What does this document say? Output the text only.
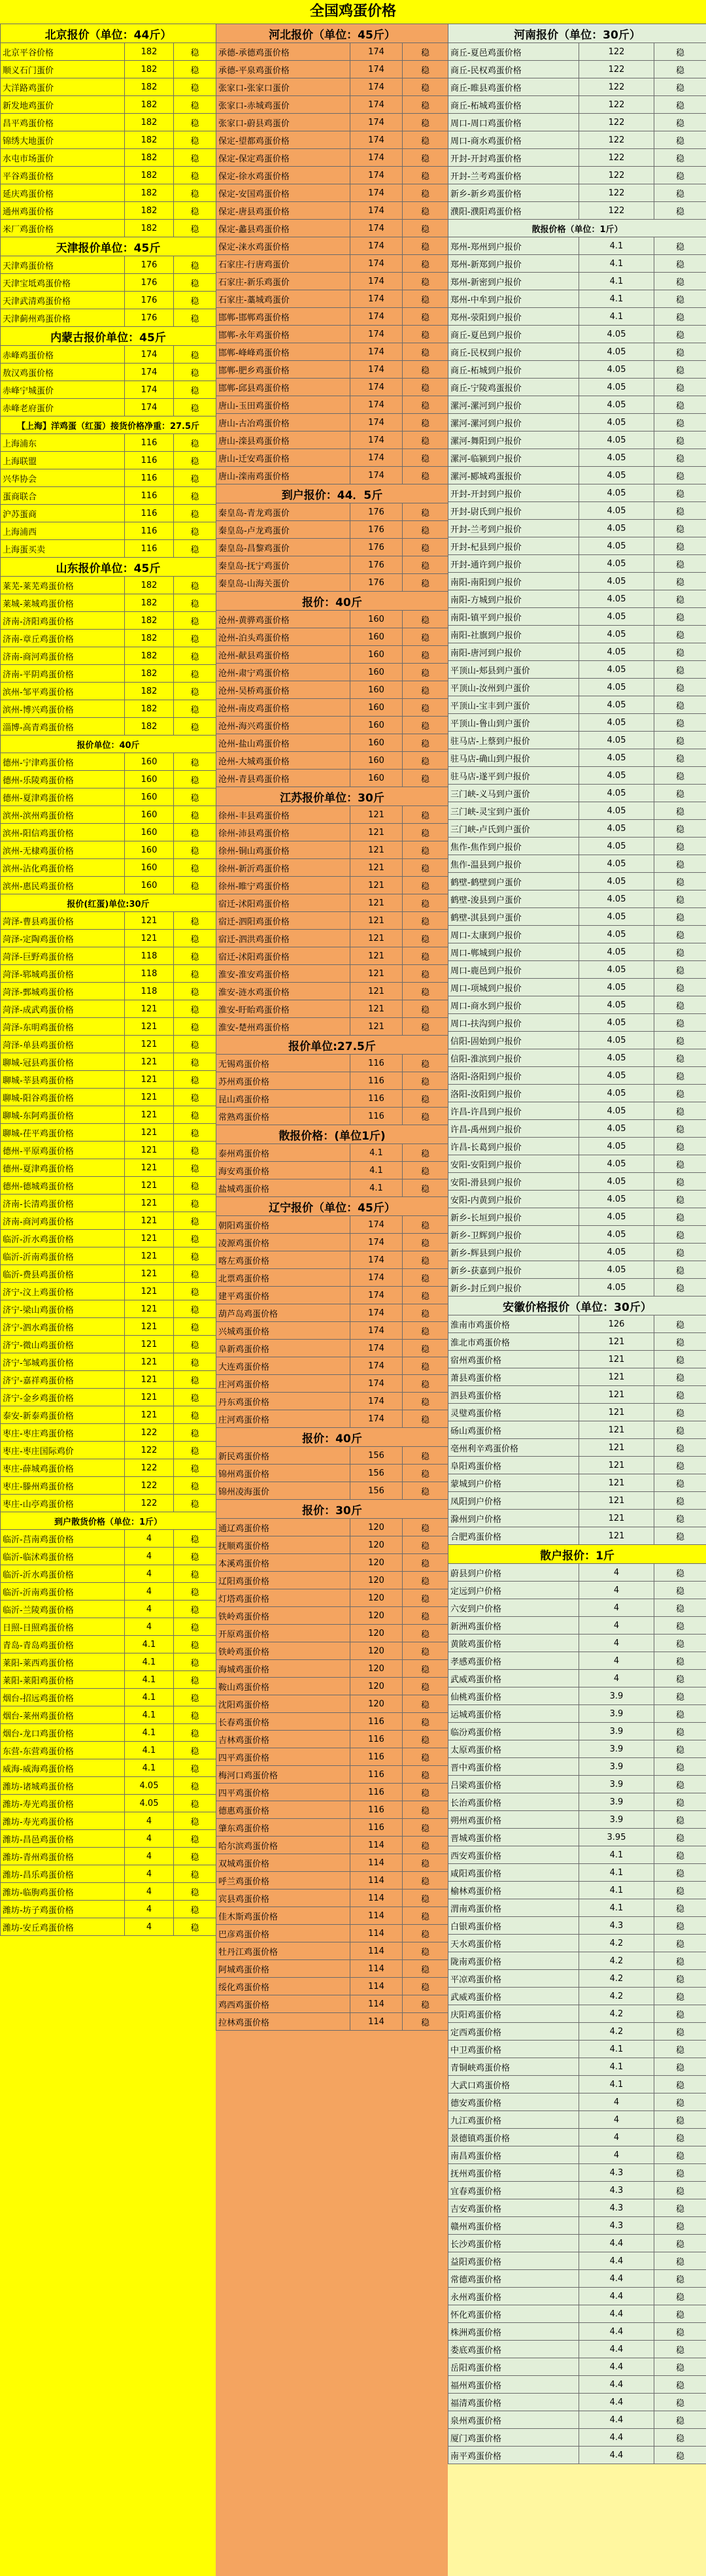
全国鸡蛋价格
北京报价（单位：44斤）		
北京平谷价格	182	稳
顺义石门蛋价	182	稳
大洋路鸡蛋价	182	稳
新发地鸡蛋价	182	稳
昌平鸡蛋价格	182	稳
锦绣大地蛋价	182	稳
水屯市场蛋价	182	稳
平谷鸡蛋价格	182	稳
延庆鸡蛋价格	182	稳
通州鸡蛋价格	182	稳
米厂鸡蛋价格	182	稳
天津报价单位：45斤		
天津鸡蛋价格	176	稳
天津宝坻鸡蛋价格	176	稳
天津武清鸡蛋价格	176	稳
天津蓟州鸡蛋价格	176	稳
内蒙古报价单位：45斤		
赤峰鸡蛋价格	174	稳
敖汉鸡蛋价格	174	稳
赤峰宁城蛋价	174	稳
赤峰老府蛋价	174	稳
【上海】洋鸡蛋（红蛋）接货价格净重：27.5斤		
上海浦东	116	稳
上海联盟	116	稳
兴华协会	116	稳
蛋商联合	116	稳
沪苏蛋商	116	稳
上海浦西	116	稳
上海蛋买卖	116	稳
山东报价单位：45斤		
莱芜-莱芜鸡蛋价格	182	稳
莱城-莱城鸡蛋价格	182	稳
济南-济阳鸡蛋价格	182	稳
济南-章丘鸡蛋价格	182	稳
济南-商河鸡蛋价格	182	稳
济南-平阴鸡蛋价格	182	稳
滨州-邹平鸡蛋价格	182	稳
滨州-博兴鸡蛋价格	182	稳
淄博-高青鸡蛋价格	182	稳
报价单位：40斤		
德州-宁津鸡蛋价格	160	稳
德州-乐陵鸡蛋价格	160	稳
德州-夏津鸡蛋价格	160	稳
滨州-滨州鸡蛋价格	160	稳
滨州-阳信鸡蛋价格	160	稳
滨州-无棣鸡蛋价格	160	稳
滨州-沾化鸡蛋价格	160	稳
滨州-惠民鸡蛋价格	160	稳
报价(红蛋)单位:30斤		
菏泽-曹县鸡蛋价格	121	稳
菏泽-定陶鸡蛋价格	121	稳
菏泽-巨野鸡蛋价格	118	稳
菏泽-郓城鸡蛋价格	118	稳
菏泽-鄄城鸡蛋价格	118	稳
菏泽-成武鸡蛋价格	121	稳
菏泽-东明鸡蛋价格	121	稳
菏泽-单县鸡蛋价格	121	稳
聊城-冠县鸡蛋价格	121	稳
聊城-莘县鸡蛋价格	121	稳
聊城-阳谷鸡蛋价格	121	稳
聊城-东阿鸡蛋价格	121	稳
聊城-茌平鸡蛋价格	121	稳
德州-平原鸡蛋价格	121	稳
德州-夏津鸡蛋价格	121	稳
德州-德城鸡蛋价格	121	稳
济南-长清鸡蛋价格	121	稳
济南-商河鸡蛋价格	121	稳
临沂-沂水鸡蛋价格	121	稳
临沂-沂南鸡蛋价格	121	稳
临沂-费县鸡蛋价格	121	稳
济宁-汶上鸡蛋价格	121	稳
济宁-梁山鸡蛋价格	121	稳
济宁-泗水鸡蛋价格	121	稳
济宁-微山鸡蛋价格	121	稳
济宁-邹城鸡蛋价格	121	稳
济宁-嘉祥鸡蛋价格	121	稳
济宁-金乡鸡蛋价格	121	稳
泰安-新泰鸡蛋价格	121	稳
枣庄-枣庄鸡蛋价格	122	稳
枣庄-枣庄国际鸡价	122	稳
枣庄-薛城鸡蛋价格	122	稳
枣庄-滕州鸡蛋价格	122	稳
枣庄-山亭鸡蛋价格	122	稳
到户散货价格（单位：1斤）		
临沂-莒南鸡蛋价格	4	稳
临沂-临沭鸡蛋价格	4	稳
临沂-沂水鸡蛋价格	4	稳
临沂-沂南鸡蛋价格	4	稳
临沂-兰陵鸡蛋价格	4	稳
日照-日照鸡蛋价格	4	稳
青岛-青岛鸡蛋价格	4.1	稳
莱阳-莱西鸡蛋价格	4.1	稳
莱阳-莱阳鸡蛋价格	4.1	稳
烟台-招远鸡蛋价格	4.1	稳
烟台-莱州鸡蛋价格	4.1	稳
烟台-龙口鸡蛋价格	4.1	稳
东营-东营鸡蛋价格	4.1	稳
威海-威海鸡蛋价格	4.1	稳
潍坊-诸城鸡蛋价格	4.05	稳
潍坊-寿光鸡蛋价格	4.05	稳
潍坊-寿光鸡蛋价格	4	稳
潍坊-昌邑鸡蛋价格	4	稳
潍坊-青州鸡蛋价格	4	稳
潍坊-昌乐鸡蛋价格	4	稳
潍坊-临朐鸡蛋价格	4	稳
潍坊-坊子鸡蛋价格	4	稳
潍坊-安丘鸡蛋价格	4	稳
河北报价（单位：45斤）		
承德-承德鸡蛋价格	174	稳
承德-平泉鸡蛋价格	174	稳
张家口-张家口蛋价	174	稳
张家口-赤城鸡蛋价	174	稳
张家口-蔚县鸡蛋价	174	稳
保定-望都鸡蛋价格	174	稳
保定-保定鸡蛋价格	174	稳
保定-徐水鸡蛋价格	174	稳
保定-安国鸡蛋价格	174	稳
保定-唐县鸡蛋价格	174	稳
保定-蠡县鸡蛋价格	174	稳
保定-涞水鸡蛋价格	174	稳
石家庄-行唐鸡蛋价	174	稳
石家庄-新乐鸡蛋价	174	稳
石家庄-藁城鸡蛋价	174	稳
邯郸-邯郸鸡蛋价格	174	稳
邯郸-永年鸡蛋价格	174	稳
邯郸-峰峰鸡蛋价格	174	稳
邯郸-肥乡鸡蛋价格	174	稳
邯郸-邱县鸡蛋价格	174	稳
唐山-玉田鸡蛋价格	174	稳
唐山-古冶鸡蛋价格	174	稳
唐山-滦县鸡蛋价格	174	稳
唐山-迁安鸡蛋价格	174	稳
唐山-滦南鸡蛋价格	174	稳
到户报价：44．5斤		
秦皇岛-青龙鸡蛋价	176	稳
秦皇岛-卢龙鸡蛋价	176	稳
秦皇岛-昌黎鸡蛋价	176	稳
秦皇岛-抚宁鸡蛋价	176	稳
秦皇岛-山海关蛋价	176	稳
报价：40斤		
沧州-黄骅鸡蛋价格	160	稳
沧州-泊头鸡蛋价格	160	稳
沧州-献县鸡蛋价格	160	稳
沧州-肃宁鸡蛋价格	160	稳
沧州-吴桥鸡蛋价格	160	稳
沧州-南皮鸡蛋价格	160	稳
沧州-海兴鸡蛋价格	160	稳
沧州-盐山鸡蛋价格	160	稳
沧州-大城鸡蛋价格	160	稳
沧州-青县鸡蛋价格	160	稳
江苏报价单位：30斤		
徐州-丰县鸡蛋价格	121	稳
徐州-沛县鸡蛋价格	121	稳
徐州-铜山鸡蛋价格	121	稳
徐州-新沂鸡蛋价格	121	稳
徐州-睢宁鸡蛋价格	121	稳
宿迁-沭阳鸡蛋价格	121	稳
宿迁-泗阳鸡蛋价格	121	稳
宿迁-泗洪鸡蛋价格	121	稳
宿迁-沭阳鸡蛋价格	121	稳
淮安-淮安鸡蛋价格	121	稳
淮安-涟水鸡蛋价格	121	稳
淮安-盱眙鸡蛋价格	121	稳
淮安-楚州鸡蛋价格	121	稳
报价单位:27.5斤		
无锡鸡蛋价格	116	稳
苏州鸡蛋价格	116	稳
昆山鸡蛋价格	116	稳
常熟鸡蛋价格	116	稳
散报价格：(单位1斤)		
泰州鸡蛋价格	4.1	稳
海安鸡蛋价格	4.1	稳
盐城鸡蛋价格	4.1	稳
辽宁报价（单位：45斤）		
朝阳鸡蛋价格	174	稳
凌源鸡蛋价格	174	稳
喀左鸡蛋价格	174	稳
北票鸡蛋价格	174	稳
建平鸡蛋价格	174	稳
葫芦岛鸡蛋价格	174	稳
兴城鸡蛋价格	174	稳
阜新鸡蛋价格	174	稳
大连鸡蛋价格	174	稳
庄河鸡蛋价格	174	稳
丹东鸡蛋价格	174	稳
庄河鸡蛋价格	174	稳
报价：40斤		
新民鸡蛋价格	156	稳
锦州鸡蛋价格	156	稳
锦州凌海蛋价	156	稳
报价：30斤		
通辽鸡蛋价格	120	稳
抚顺鸡蛋价格	120	稳
本溪鸡蛋价格	120	稳
辽阳鸡蛋价格	120	稳
灯塔鸡蛋价格	120	稳
铁岭鸡蛋价格	120	稳
开原鸡蛋价格	120	稳
铁岭鸡蛋价格	120	稳
海城鸡蛋价格	120	稳
鞍山鸡蛋价格	120	稳
沈阳鸡蛋价格	120	稳
长春鸡蛋价格	116	稳
吉林鸡蛋价格	116	稳
四平鸡蛋价格	116	稳
梅河口鸡蛋价格	116	稳
四平鸡蛋价格	116	稳
德惠鸡蛋价格	116	稳
肇东鸡蛋价格	116	稳
哈尔滨鸡蛋价格	114	稳
双城鸡蛋价格	114	稳
呼兰鸡蛋价格	114	稳
宾县鸡蛋价格	114	稳
佳木斯鸡蛋价格	114	稳
巴彦鸡蛋价格	114	稳
牡丹江鸡蛋价格	114	稳
阿城鸡蛋价格	114	稳
绥化鸡蛋价格	114	稳
鸡西鸡蛋价格	114	稳
拉林鸡蛋价格	114	稳
河南报价（单位：30斤）		
商丘-夏邑鸡蛋价格	122	稳
商丘-民权鸡蛋价格	122	稳
商丘-睢县鸡蛋价格	122	稳
商丘-柘城鸡蛋价格	122	稳
周口-周口鸡蛋价格	122	稳
周口-商水鸡蛋价格	122	稳
开封-开封鸡蛋价格	122	稳
开封-兰考鸡蛋价格	122	稳
新乡-新乡鸡蛋价格	122	稳
濮阳-濮阳鸡蛋价格	122	稳
散报价格（单位：1斤）		
郑州-郑州到户报价	4.1	稳
郑州-新郑到户报价	4.1	稳
郑州-新密到户报价	4.1	稳
郑州-中牟到户报价	4.1	稳
郑州-荥阳到户报价	4.1	稳
商丘-夏邑到户报价	4.05	稳
商丘-民权到户报价	4.05	稳
商丘-柘城到户报价	4.05	稳
商丘-宁陵鸡蛋报价	4.05	稳
漯河-漯河到户报价	4.05	稳
漯河-漯河到户报价	4.05	稳
漯河-舞阳到户报价	4.05	稳
漯河-临颍到户报价	4.05	稳
漯河-郾城鸡蛋报价	4.05	稳
开封-开封到户报价	4.05	稳
开封-尉氏到户报价	4.05	稳
开封-兰考到户报价	4.05	稳
开封-杞县到户报价	4.05	稳
开封-通许到户报价	4.05	稳
南阳-南阳到户报价	4.05	稳
南阳-方城到户报价	4.05	稳
南阳-镇平到户报价	4.05	稳
南阳-社旗到户报价	4.05	稳
南阳-唐河到户报价	4.05	稳
平顶山-郏县到户蛋价	4.05	稳
平顶山-汝州到户蛋价	4.05	稳
平顶山-宝丰到户蛋价	4.05	稳
平顶山-鲁山到户蛋价	4.05	稳
驻马店-上蔡到户报价	4.05	稳
驻马店-确山到户报价	4.05	稳
驻马店-遂平到户报价	4.05	稳
三门峡-义马到户蛋价	4.05	稳
三门峡-灵宝到户蛋价	4.05	稳
三门峡-卢氏到户蛋价	4.05	稳
焦作-焦作到户报价	4.05	稳
焦作-温县到户报价	4.05	稳
鹤壁-鹤壁到户蛋价	4.05	稳
鹤壁-浚县到户蛋价	4.05	稳
鹤壁-淇县到户蛋价	4.05	稳
周口-太康到户报价	4.05	稳
周口-郸城到户报价	4.05	稳
周口-鹿邑到户报价	4.05	稳
周口-项城到户报价	4.05	稳
周口-商水到户报价	4.05	稳
周口-扶沟到户报价	4.05	稳
信阳-固始到户报价	4.05	稳
信阳-淮滨到户报价	4.05	稳
洛阳-洛阳到户报价	4.05	稳
洛阳-汝阳到户报价	4.05	稳
许昌-许昌到户报价	4.05	稳
许昌-禹州到户报价	4.05	稳
许昌-长葛到户报价	4.05	稳
安阳-安阳到户报价	4.05	稳
安阳-滑县到户报价	4.05	稳
安阳-内黄到户报价	4.05	稳
新乡-长垣到户报价	4.05	稳
新乡-卫辉到户报价	4.05	稳
新乡-辉县到户报价	4.05	稳
新乡-获嘉到户报价	4.05	稳
新乡-封丘到户报价	4.05	稳
安徽价格报价（单位：30斤）		
淮南市鸡蛋价格	126	稳
淮北市鸡蛋价格	121	稳
宿州鸡蛋价格	121	稳
萧县鸡蛋价格	121	稳
泗县鸡蛋价格	121	稳
灵璧鸡蛋价格	121	稳
砀山鸡蛋价格	121	稳
亳州利辛鸡蛋价格	121	稳
阜阳鸡蛋价格	121	稳
蒙城到户价格	121	稳
凤阳到户价格	121	稳
滁州到户价格	121	稳
合肥鸡蛋价格	121	稳
散户报价：1斤		
蔚县到户价格	4	稳
定远到户价格	4	稳
六安到户价格	4	稳
新洲鸡蛋价格	4	稳
黄陂鸡蛋价格	4	稳
孝感鸡蛋价格	4	稳
武威鸡蛋价格	4	稳
仙桃鸡蛋价格	3.9	稳
运城鸡蛋价格	3.9	稳
临汾鸡蛋价格	3.9	稳
太原鸡蛋价格	3.9	稳
晋中鸡蛋价格	3.9	稳
吕梁鸡蛋价格	3.9	稳
长治鸡蛋价格	3.9	稳
朔州鸡蛋价格	3.9	稳
晋城鸡蛋价格	3.95	稳
西安鸡蛋价格	4.1	稳
咸阳鸡蛋价格	4.1	稳
榆林鸡蛋价格	4.1	稳
渭南鸡蛋价格	4.1	稳
白银鸡蛋价格	4.3	稳
天水鸡蛋价格	4.2	稳
陇南鸡蛋价格	4.2	稳
平凉鸡蛋价格	4.2	稳
武威鸡蛋价格	4.2	稳
庆阳鸡蛋价格	4.2	稳
定西鸡蛋价格	4.2	稳
中卫鸡蛋价格	4.1	稳
青铜峡鸡蛋价格	4.1	稳
大武口鸡蛋价格	4.1	稳
德安鸡蛋价格	4	稳
九江鸡蛋价格	4	稳
景德镇鸡蛋价格	4	稳
南昌鸡蛋价格	4	稳
抚州鸡蛋价格	4.3	稳
宜春鸡蛋价格	4.3	稳
吉安鸡蛋价格	4.3	稳
赣州鸡蛋价格	4.3	稳
长沙鸡蛋价格	4.4	稳
益阳鸡蛋价格	4.4	稳
常德鸡蛋价格	4.4	稳
永州鸡蛋价格	4.4	稳
怀化鸡蛋价格	4.4	稳
株洲鸡蛋价格	4.4	稳
娄底鸡蛋价格	4.4	稳
岳阳鸡蛋价格	4.4	稳
福州鸡蛋价格	4.4	稳
福清鸡蛋价格	4.4	稳
泉州鸡蛋价格	4.4	稳
厦门鸡蛋价格	4.4	稳
南平鸡蛋价格	4.4	稳
